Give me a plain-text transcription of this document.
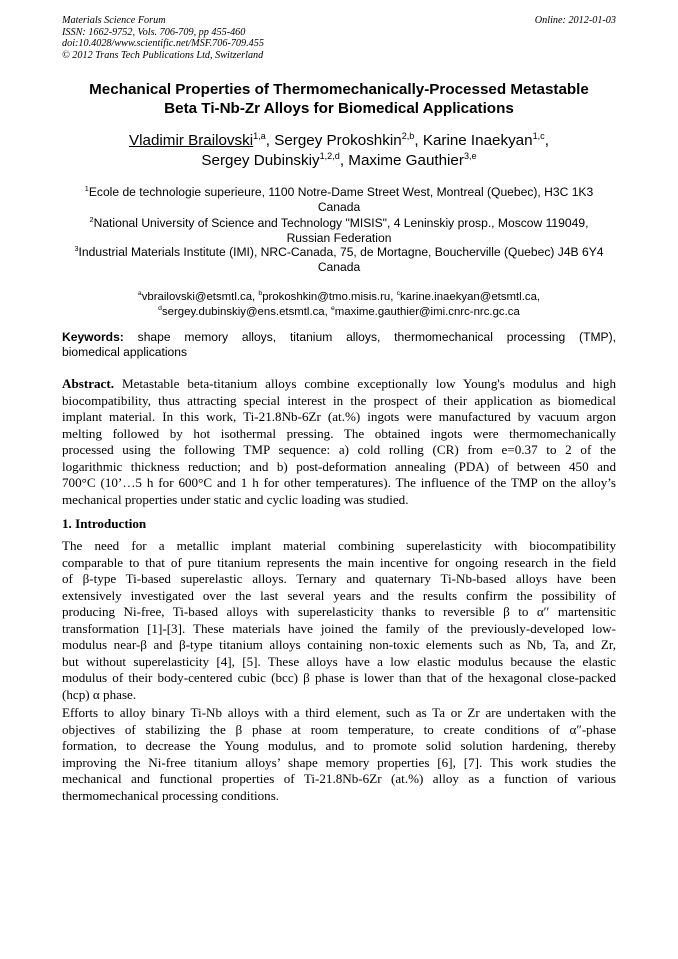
Materials Science Forum
ISSN: 1662-9752, Vols. 706-709, pp 455-460
doi:10.4028/www.scientific.net/MSF.706-709.455
© 2012 Trans Tech Publications Ltd, Switzerland
Online: 2012-01-03
Mechanical Properties of Thermomechanically-Processed Metastable
Beta Ti-Nb-Zr Alloys for Biomedical Applications
Vladimir Brailovski$^{1,a}$, Sergey Prokoshkin$^{2,b}$, Karine Inaekyan$^{1,c}$,
Sergey Dubinskiy$^{1,2,d}$, Maxime Gauthier$^{3,e}$
$^1$Ecole de technologie superieure, 1100 Notre-Dame Street West, Montreal (Quebec), H3C 1K3
Canada
$^2$National University of Science and Technology "MISIS", 4 Leninskiy prosp., Moscow 119049,
Russian Federation
$^3$Industrial Materials Institute (IMI), NRC-Canada, 75, de Mortagne, Boucherville (Quebec) J4B 6Y4
Canada
$^a$vbrailovski@etsmtl.ca, $^b$prokoshkin@tmo.misis.ru, $^c$karine.inaekyan@etsmtl.ca,
$^d$sergey.dubinskiy@ens.etsmtl.ca, $^e$maxime.gauthier@imi.cnrc-nrc.gc.ca
Keywords: shape memory alloys, titanium alloys, thermomechanical processing (TMP),
biomedical applications
Abstract. Metastable beta-titanium alloys combine exceptionally low Young's modulus and high
biocompatibility, thus attracting special interest in the prospect of their application as biomedical
implant material. In this work, Ti-21.8Nb-6Zr (at.%) ingots were manufactured by vacuum argon
melting followed by hot isothermal pressing. The obtained ingots were thermomechanically
processed using the following TMP sequence: a) cold rolling (CR) from e=0.37 to 2 of the
logarithmic thickness reduction; and b) post-deformation annealing (PDA) of between 450 and
700°C (10’…5 h for 600°C and 1 h for other temperatures). The influence of the TMP on the alloy’s
mechanical properties under static and cyclic loading was studied.
1. Introduction
The need for a metallic implant material combining superelasticity with biocompatibility
comparable to that of pure titanium represents the main incentive for ongoing research in the field
of β-type Ti-based superelastic alloys. Ternary and quaternary Ti-Nb-based alloys have been
extensively investigated over the last several years and the results confirm the possibility of
producing Ni-free, Ti-based alloys with superelasticity thanks to reversible β to α′′ martensitic
transformation [1]-[3]. These materials have joined the family of the previously-developed low-
modulus near-β and β-type titanium alloys containing non-toxic elements such as Nb, Ta, and Zr,
but without superelasticity [4], [5]. These alloys have a low elastic modulus because the elastic
modulus of their body-centered cubic (bcc) β phase is lower than that of the hexagonal close-packed
(hcp) α phase.
Efforts to alloy binary Ti-Nb alloys with a third element, such as Ta or Zr are undertaken with the
objectives of stabilizing the β phase at room temperature, to create conditions of α″-phase
formation, to decrease the Young modulus, and to promote solid solution hardening, thereby
improving the Ni-free titanium alloys’ shape memory properties [6], [7]. This work studies the
mechanical and functional properties of Ti-21.8Nb-6Zr (at.%) alloy as a function of various
thermomechanical processing conditions.
